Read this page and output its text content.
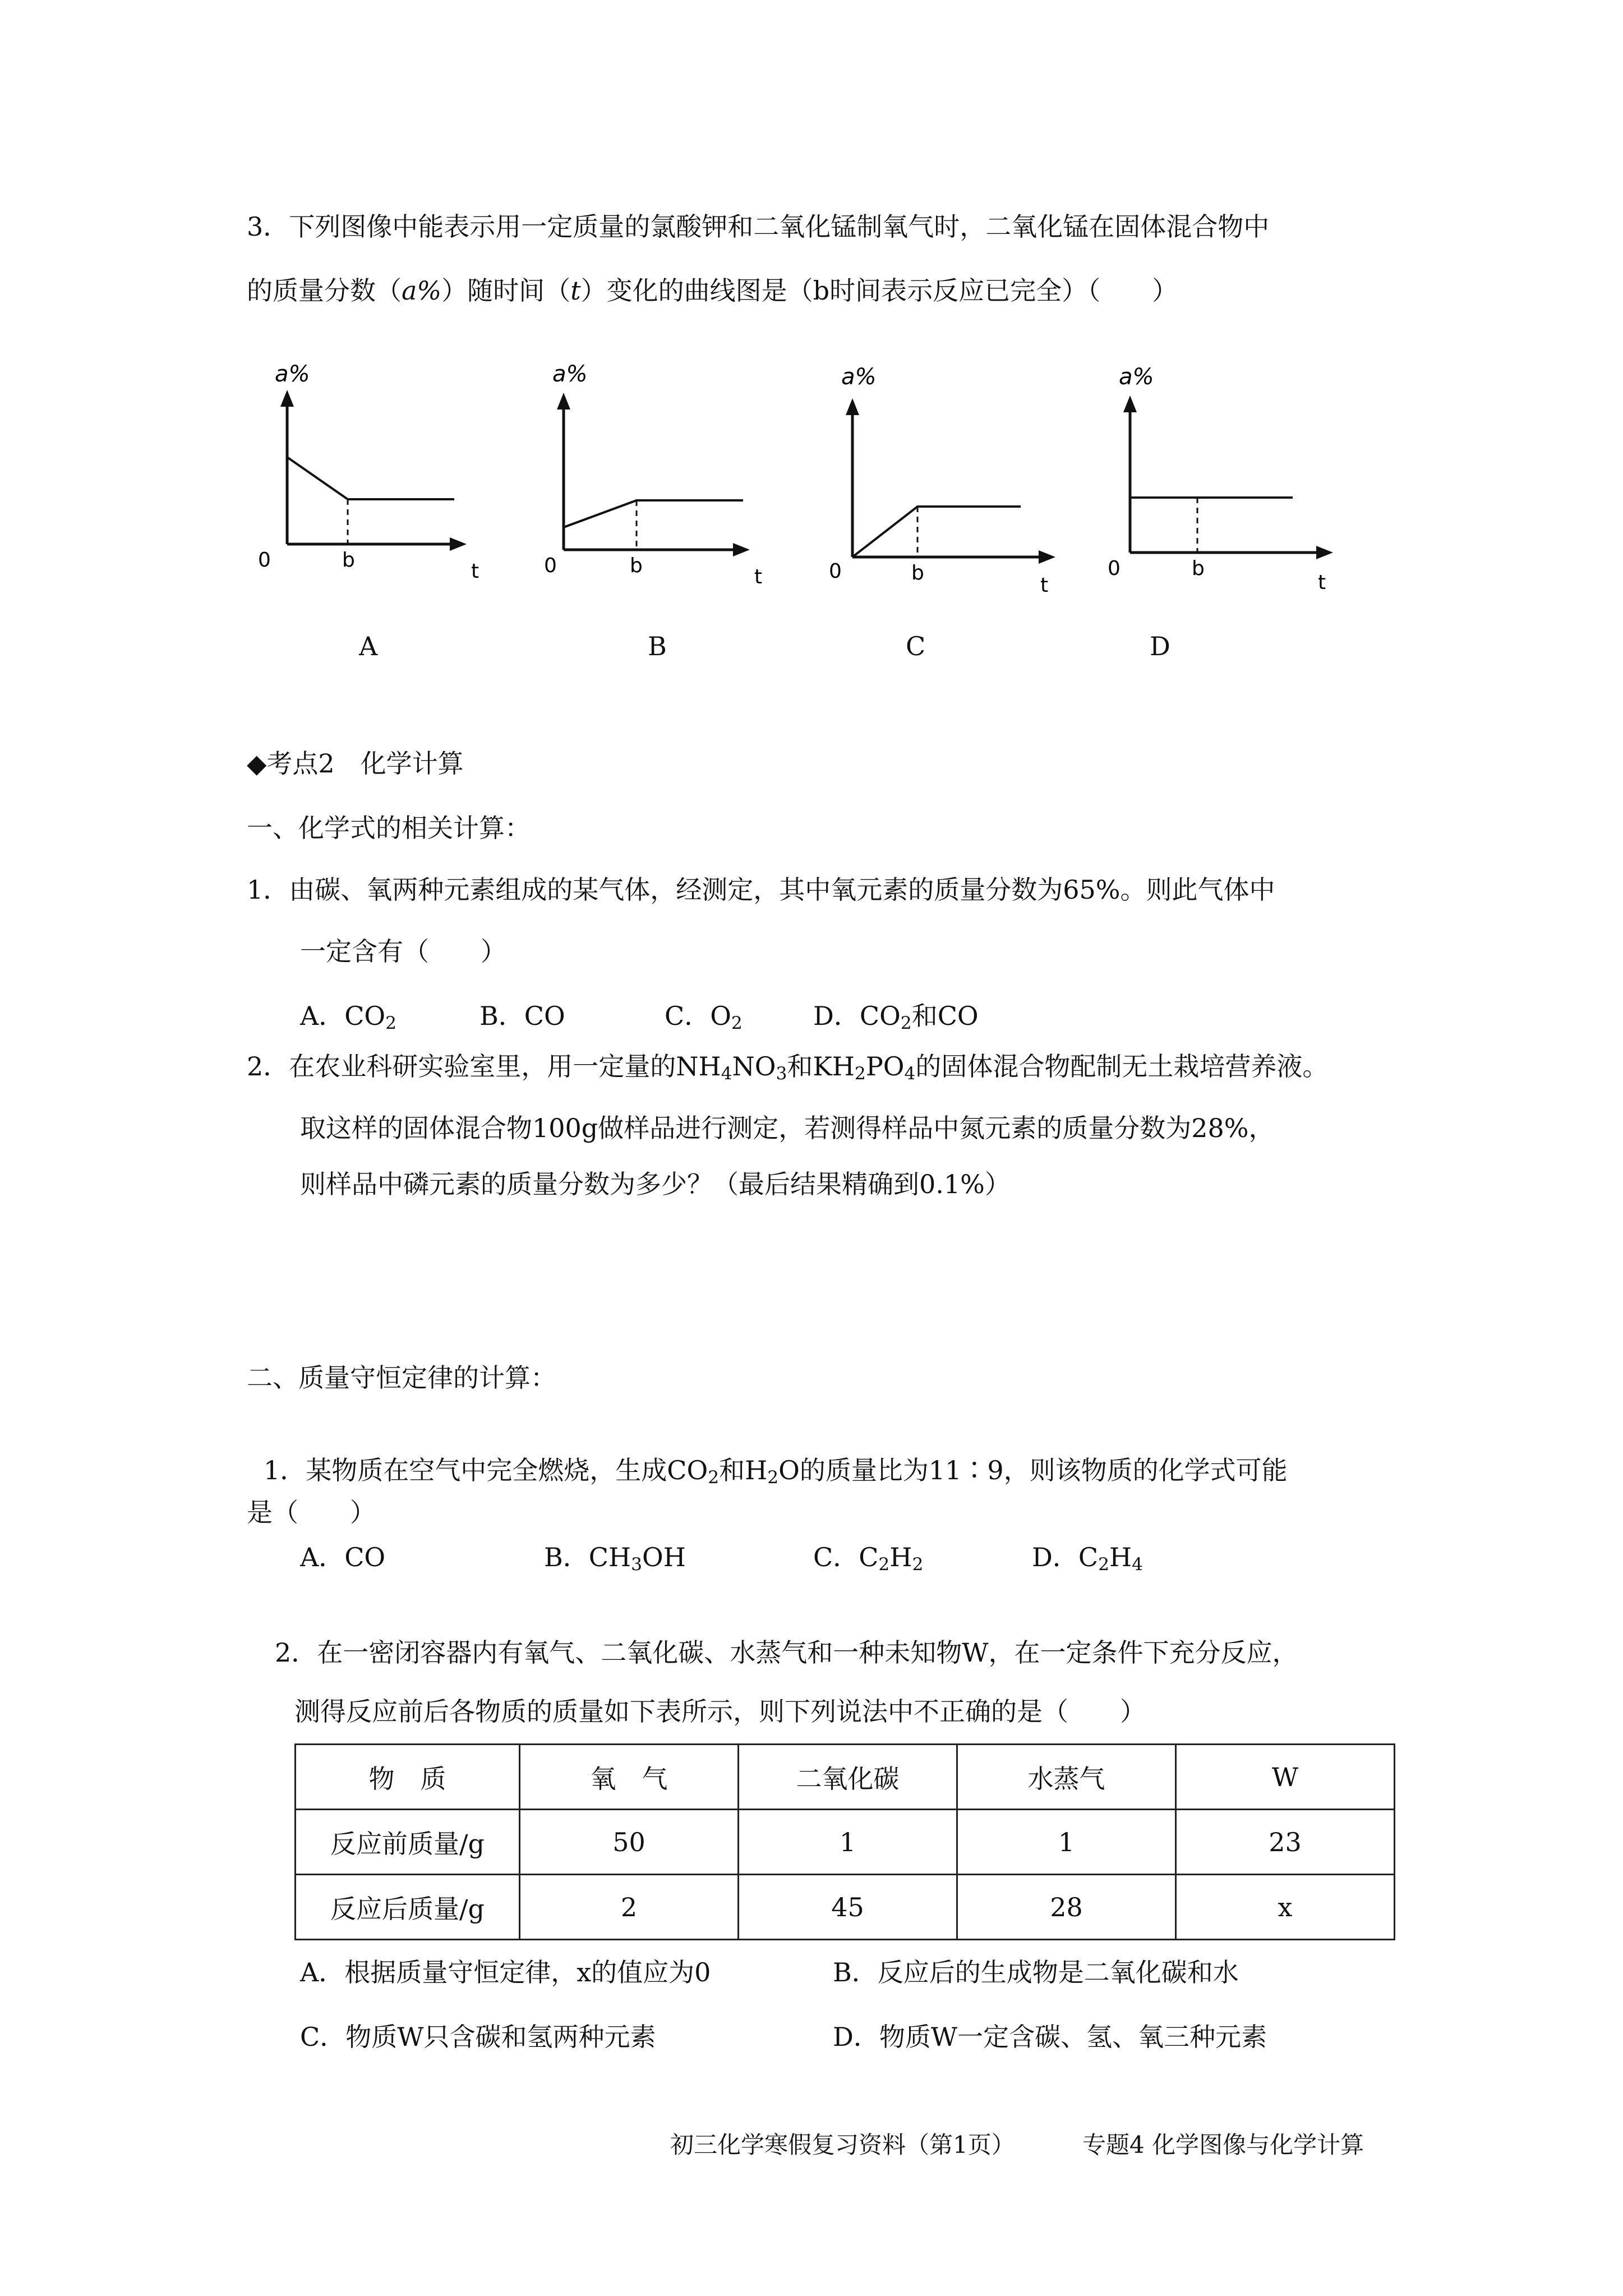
3．下列图像中能表示用一定质量的氯酸钾和二氧化锰制氧气时，二氧化锰在固体混合物中
的质量分数（a%）随时间（t）变化的曲线图是（b时间表示反应已完全）（　　）
a%
0	b	t
a%
0	b	t
a%
0	b
t
a%
0	b
t
A	B	C	D
◆考点2　化学计算
一、化学式的相关计算：
1．由碳、氧两种元素组成的某气体，经测定，其中氧元素的质量分数为65%。则此气体中
一定含有（　　）
A．$CO_2$	B．CO	C．$O_2$	D．$CO_2$和CO
2．在农业科研实验室里，用一定量的$NH_4NO_3$和$KH_2PO_4$的固体混合物配制无土栽培营养液。
取这样的固体混合物100g做样品进行测定，若测得样品中氮元素的质量分数为28%，
则样品中磷元素的质量分数为多少？（最后结果精确到0.1%）
二、质量守恒定律的计算：
1．某物质在空气中完全燃烧，生成$CO_2$和$H_2O$的质量比为11∶9，则该物质的化学式可能
是（　　）
A．CO	B．$CH_3OH$	C．$C_2H_2$	D．$C_2H_4$
2．在一密闭容器内有氧气、二氧化碳、水蒸气和一种未知物W，在一定条件下充分反应，
测得反应前后各物质的质量如下表所示，则下列说法中不正确的是（　　）
物　质	氧　气	二氧化碳	水蒸气	W
反应前质量/g	50	1	1	23
反应后质量/g	2	45	28	x
A．根据质量守恒定律，x的值应为0	B．反应后的生成物是二氧化碳和水
C．物质W只含碳和氢两种元素	D．物质W一定含碳、氢、氧三种元素
初三化学寒假复习资料（第1页）	专题4 化学图像与化学计算
